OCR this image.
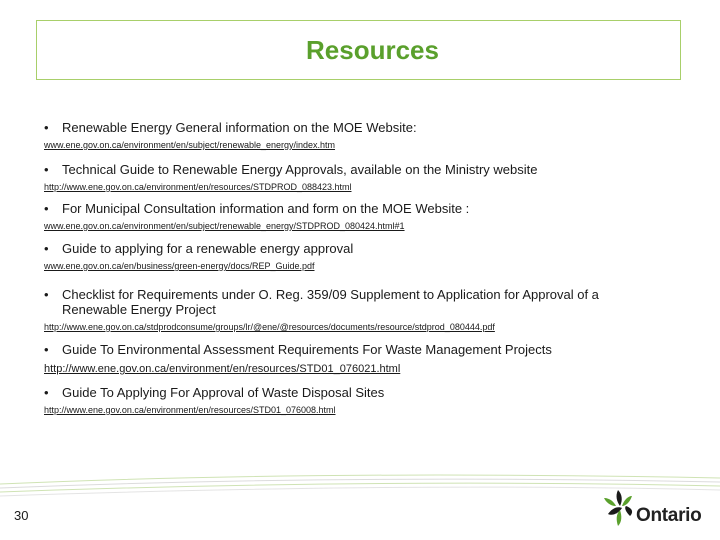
Resources
•	Renewable Energy General information on the MOE Website:
www.ene.gov.on.ca/environment/en/subject/renewable_energy/index.htm
•	Technical Guide to Renewable Energy Approvals, available on the Ministry website
http://www.ene.gov.on.ca/environment/en/resources/STDPROD_088423.html
•	For Municipal Consultation information and form on the MOE Website :
www.ene.gov.on.ca/environment/en/subject/renewable_energy/STDPROD_080424.html#1
•	Guide to applying for a renewable energy approval
www.ene.gov.on.ca/en/business/green-energy/docs/REP_Guide.pdf
•	Checklist for Requirements under O. Reg. 359/09 Supplement to Application for Approval of a Renewable Energy Project
http://www.ene.gov.on.ca/stdprodconsume/groups/lr/@ene/@resources/documents/resource/stdprod_080444.pdf
•	Guide To Environmental Assessment Requirements For Waste Management Projects
http://www.ene.gov.on.ca/environment/en/resources/STD01_076021.html
•	Guide To Applying For Approval of Waste Disposal Sites
http://www.ene.gov.on.ca/environment/en/resources/STD01_076008.html
30	Ontario
